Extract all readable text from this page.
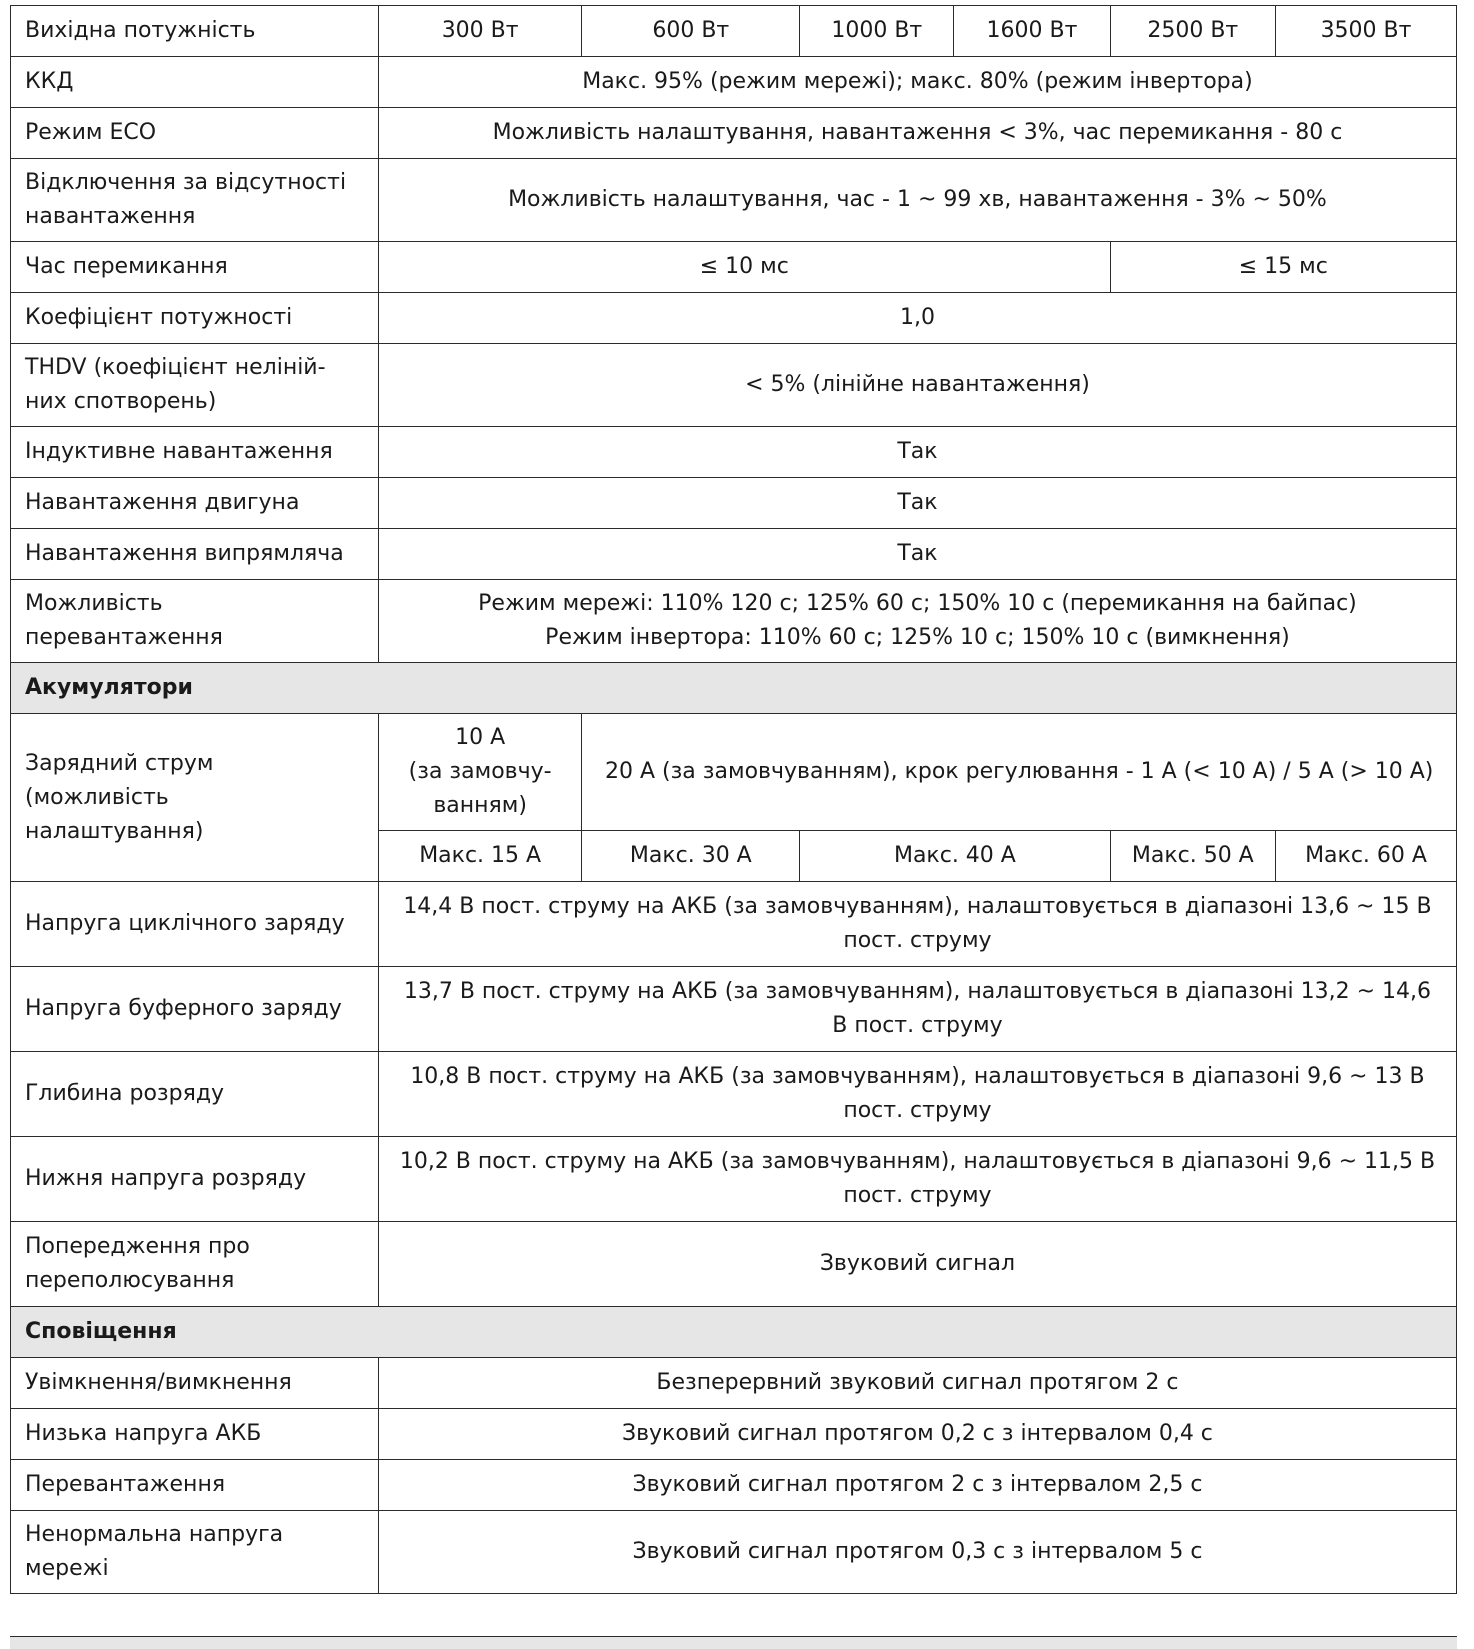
Вихідна потужність	300 Вт	600 Вт	1000 Вт	1600 Вт	2500 Вт	3500 Вт
ККД	Макс. 95% (режим мережі); макс. 80% (режим інвертора)					
Режим ECO	Можливість налаштування, навантаження < 3%, час перемикання - 80 с					

Відключення за відсутності
навантаження	Можливість налаштування, час - 1 ~ 99 хв, навантаження - 3% ~ 50%					
Час перемикання	≤ 10 мс				≤ 15 мс	
Коефіцієнт потужності	1,0					

THDV (коефіцієнт неліній-
них спотворень)	< 5% (лінійне навантаження)					
Індуктивне навантаження	Так					
Навантаження двигуна	Так					
Навантаження випрямляча	Так					

Можливість
перевантаження	Режим мережі: 110% 120 с; 125% 60 с; 150% 10 с (перемикання на байпас)
Режим інвертора: 110% 60 с; 125% 10 с; 150% 10 с (вимкнення)					

Акумулятори						

Зарядний струм
(можливість
налаштування)	10 А
(за замовчу-
ванням)	20 А (за замовчуванням), крок регулювання - 1 А (< 10 А) / 5 А (> 10 А)				
	Макс. 15 А	Макс. 30 А	Макс. 40 А		Макс. 50 А	Макс. 60 А
Напруга циклічного заряду	14,4 В пост. струму на АКБ (за замовчуванням), налаштовується в діапазоні 13,6 ~ 15 В
пост. струму					

Напруга буферного заряду	13,7 В пост. струму на АКБ (за замовчуванням), налаштовується в діапазоні 13,2 ~ 14,6
В пост. струму					

Глибина розряду	10,8 В пост. струму на АКБ (за замовчуванням), налаштовується в діапазоні 9,6 ~ 13 В
пост. струму					

Нижня напруга розряду	10,2 В пост. струму на АКБ (за замовчуванням), налаштовується в діапазоні 9,6 ~ 11,5 В
пост. струму					

Попередження про
переполюсування	Звуковий сигнал					
Сповіщення						
Увімкнення/вимкнення	Безперервний звуковий сигнал протягом 2 с					
Низька напруга АКБ	Звуковий сигнал протягом 0,2 с з інтервалом 0,4 с					
Перевантаження	Звуковий сигнал протягом 2 с з інтервалом 2,5 с					

Ненормальна напруга
мережі	Звуковий сигнал протягом 0,3 с з інтервалом 5 с					
